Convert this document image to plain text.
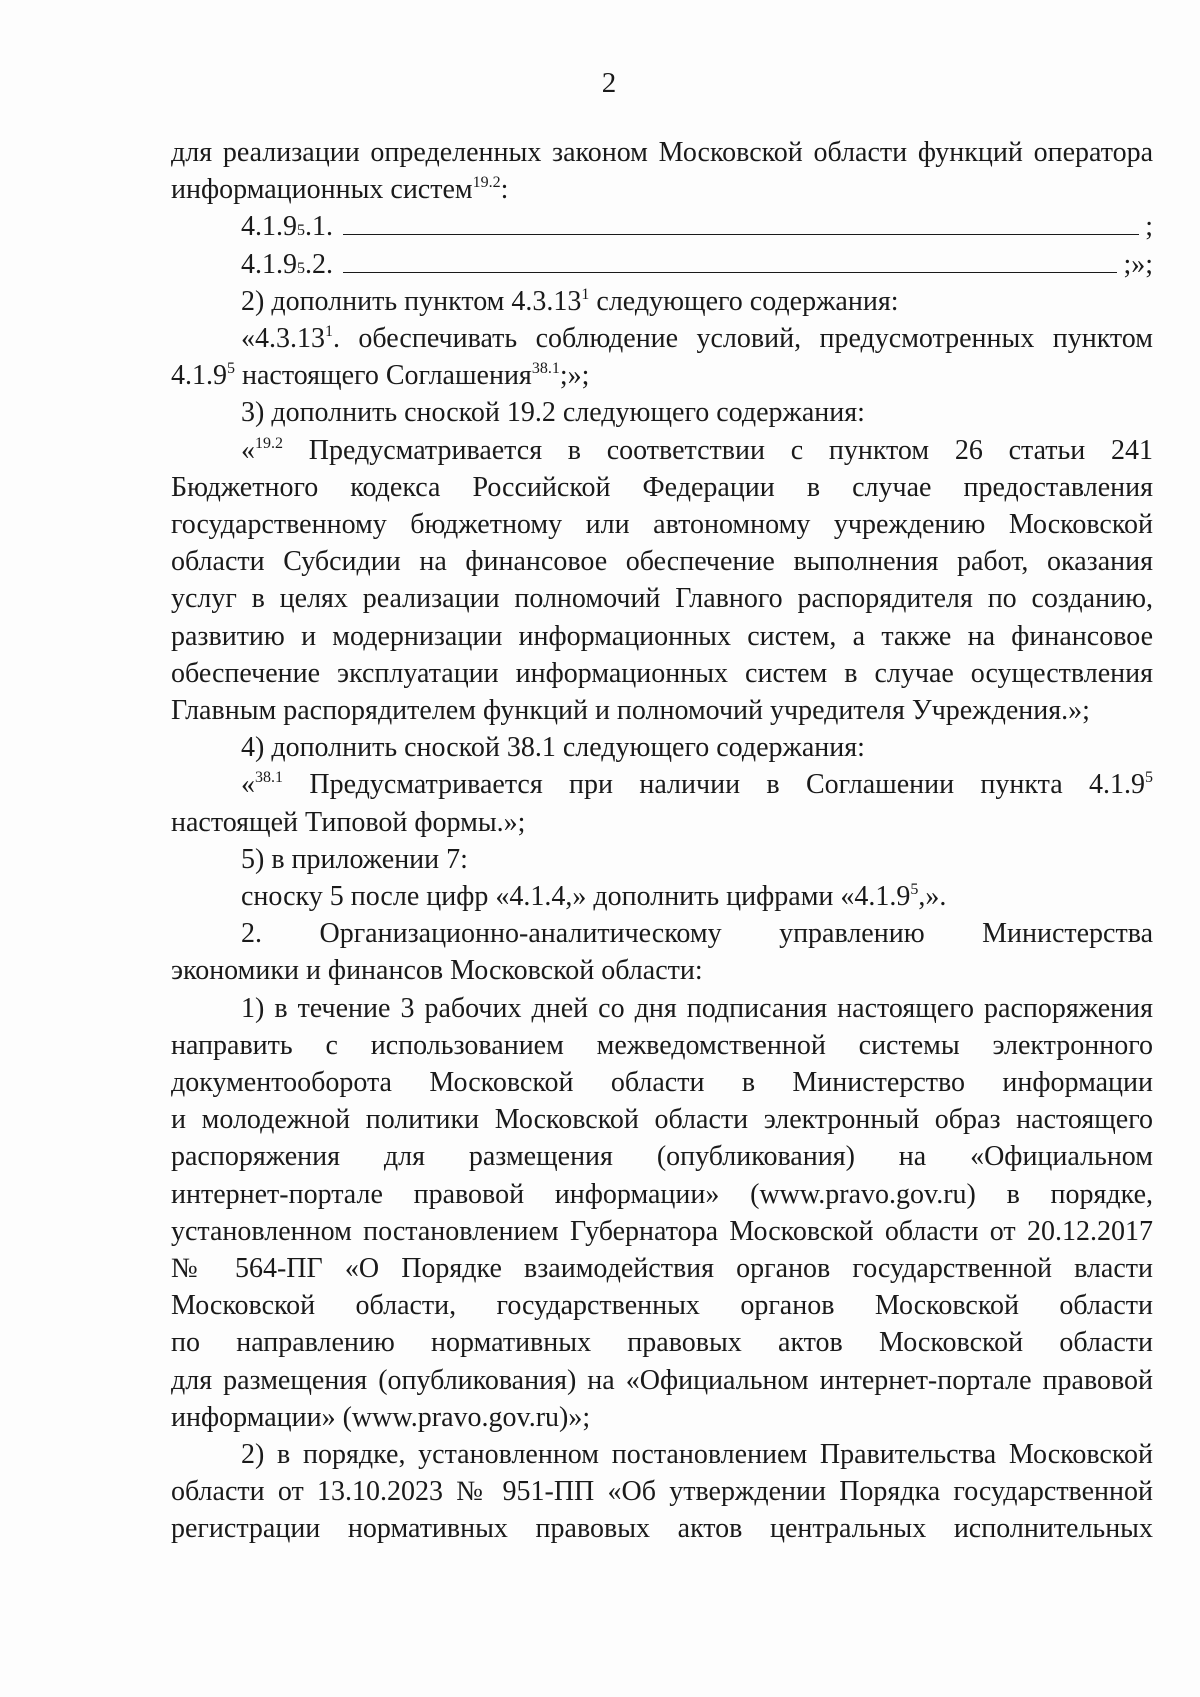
2
для реализации определенных законом Московской области функций оператора
информационных систем$^{19.2}$:
4.1.9 5 .1.	;
4.1.9 5 .2.	;»;
2) дополнить пунктом 4.3.13$^1$ следующего содержания:
«4.3.13$^1$. обеспечивать соблюдение условий, предусмотренных пунктом
4.1.9$^5$ настоящего Соглашения$^{38.1}$;»;
3) дополнить сноской 19.2 следующего содержания:
«$^{19.2}$ Предусматривается в соответствии с пунктом 26 статьи 241
Бюджетного кодекса Российской Федерации в случае предоставления
государственному бюджетному или автономному учреждению Московской
области Субсидии на финансовое обеспечение выполнения работ, оказания
услуг в целях реализации полномочий Главного распорядителя по созданию,
развитию и модернизации информационных систем, а также на финансовое
обеспечение эксплуатации информационных систем в случае осуществления
Главным распорядителем функций и полномочий учредителя Учреждения.»;
4) дополнить сноской 38.1 следующего содержания:
«$^{38.1}$ Предусматривается при наличии в Соглашении пункта 4.1.9$^5$
настоящей Типовой формы.»;
5) в приложении 7:
сноску 5 после цифр «4.1.4,» дополнить цифрами «4.1.9$^5$,».
2. Организационно-аналитическому управлению Министерства
экономики и финансов Московской области:
1) в течение 3 рабочих дней со дня подписания настоящего распоряжения
направить с использованием межведомственной системы электронного
документооборота Московской области в Министерство информации
и молодежной политики Московской области электронный образ настоящего
распоряжения для размещения (опубликования) на «Официальном
интернет-портале правовой информации» (www.pravo.gov.ru) в порядке,
установленном постановлением Губернатора Московской области от 20.12.2017
№ 564-ПГ «О Порядке взаимодействия органов государственной власти
Московской области, государственных органов Московской области
по направлению нормативных правовых актов Московской области
для размещения (опубликования) на «Официальном интернет-портале правовой
информации» (www.pravo.gov.ru)»;
2) в порядке, установленном постановлением Правительства Московской
области от 13.10.2023 № 951-ПП «Об утверждении Порядка государственной
регистрации нормативных правовых актов центральных исполнительных
